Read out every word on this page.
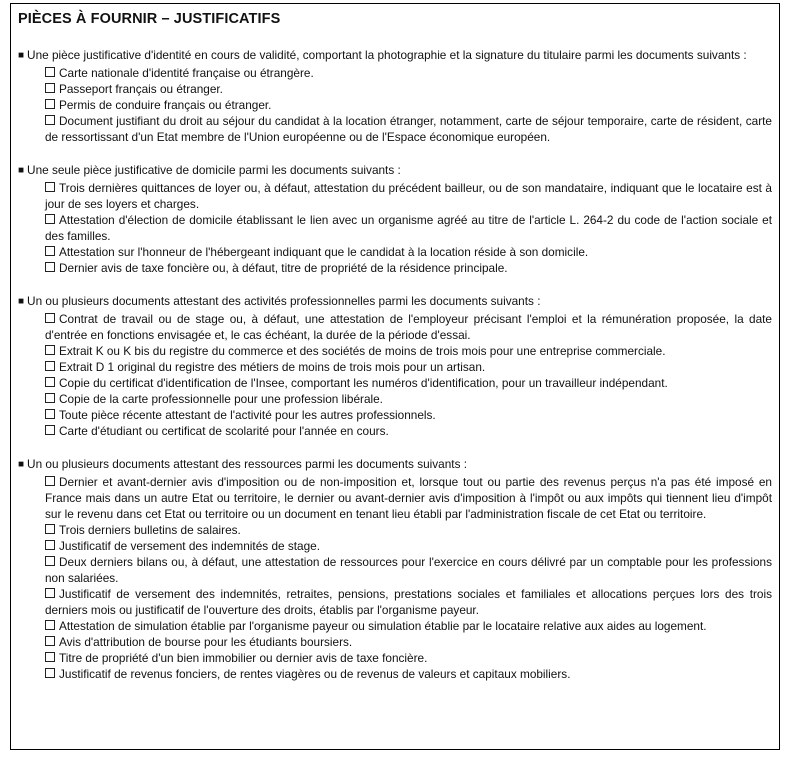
PIÈCES À FOURNIR – JUSTIFICATIFS

■ Une pièce justificative d'identité en cours de validité, comportant la photographie et la signature du titulaire parmi les documents suivants :

Carte nationale d'identité française ou étrangère.
Passeport français ou étranger.
Permis de conduire français ou étranger.
Document justifiant du droit au séjour du candidat à la location étranger, notamment, carte de séjour temporaire, carte de résident, carte de ressortissant d'un Etat membre de l'Union européenne ou de l'Espace économique européen.

■ Une seule pièce justificative de domicile parmi les documents suivants :

Trois dernières quittances de loyer ou, à défaut, attestation du précédent bailleur, ou de son mandataire, indiquant que le locataire est à jour de ses loyers et charges.
Attestation d'élection de domicile établissant le lien avec un organisme agréé au titre de l'article L. 264-2 du code de l'action sociale et des familles.
Attestation sur l'honneur de l'hébergeant indiquant que le candidat à la location réside à son domicile.
Dernier avis de taxe foncière ou, à défaut, titre de propriété de la résidence principale.

■ Un ou plusieurs documents attestant des activités professionnelles parmi les documents suivants :

Contrat de travail ou de stage ou, à défaut, une attestation de l'employeur précisant l'emploi et la rémunération proposée, la date d'entrée en fonctions envisagée et, le cas échéant, la durée de la période d'essai.
Extrait K ou K bis du registre du commerce et des sociétés de moins de trois mois pour une entreprise commerciale.
Extrait D 1 original du registre des métiers de moins de trois mois pour un artisan.
Copie du certificat d'identification de l'Insee, comportant les numéros d'identification, pour un travailleur indépendant.
Copie de la carte professionnelle pour une profession libérale.
Toute pièce récente attestant de l'activité pour les autres professionnels.
Carte d'étudiant ou certificat de scolarité pour l'année en cours.

■ Un ou plusieurs documents attestant des ressources parmi les documents suivants :

Dernier et avant-dernier avis d'imposition ou de non-imposition et, lorsque tout ou partie des revenus perçus n'a pas été imposé en France mais dans un autre Etat ou territoire, le dernier ou avant-dernier avis d'imposition à l'impôt ou aux impôts qui tiennent lieu d'impôt sur le revenu dans cet Etat ou territoire ou un document en tenant lieu établi par l'administration fiscale de cet Etat ou territoire.
Trois derniers bulletins de salaires.
Justificatif de versement des indemnités de stage.
Deux derniers bilans ou, à défaut, une attestation de ressources pour l'exercice en cours délivré par un comptable pour les professions non salariées.
Justificatif de versement des indemnités, retraites, pensions, prestations sociales et familiales et allocations perçues lors des trois derniers mois ou justificatif de l'ouverture des droits, établis par l'organisme payeur.
Attestation de simulation établie par l'organisme payeur ou simulation établie par le locataire relative aux aides au logement.
Avis d'attribution de bourse pour les étudiants boursiers.
Titre de propriété d'un bien immobilier ou dernier avis de taxe foncière.
Justificatif de revenus fonciers, de rentes viagères ou de revenus de valeurs et capitaux mobiliers.
